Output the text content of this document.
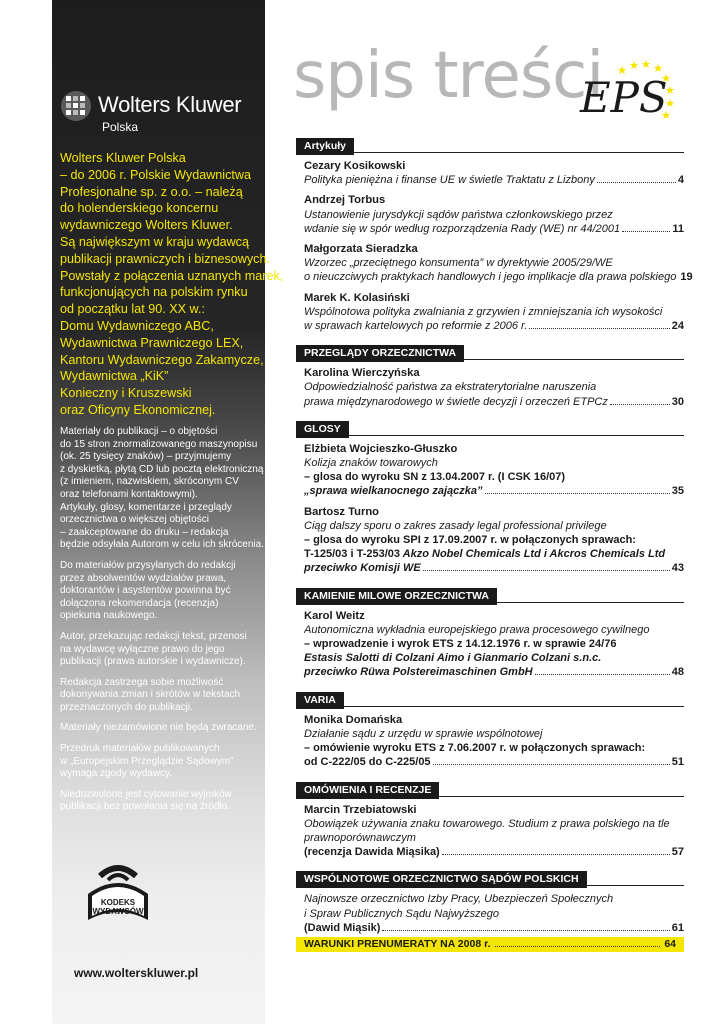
Wolters Kluwer
Polska
Wolters Kluwer Polska
– do 2006 r. Polskie Wydawnictwa
Profesjonalne sp. z o.o. – należą
do holenderskiego koncernu
wydawniczego Wolters Kluwer.
Są największym w kraju wydawcą
publikacji prawniczych i biznesowych.
Powstały z połączenia uznanych marek,
funkcjonujących na polskim rynku
od początku lat 90. XX w.:
Domu Wydawniczego ABC,
Wydawnictwa Prawniczego LEX,
Kantoru Wydawniczego Zakamycze,
Wydawnictwa „KiK”
Konieczny i Kruszewski
oraz Oficyny Ekonomicznej.
Materiały do publikacji – o objętości
do 15 stron znormalizowanego maszynopisu
(ok. 25 tysięcy znaków) – przyjmujemy
z dyskietką, płytą CD lub pocztą elektroniczną
(z imieniem, nazwiskiem, skróconym CV
oraz telefonami kontaktowymi).
Artykuły, glosy, komentarze i przeglądy
orzecznictwa o większej objętości
– zaakceptowane do druku – redakcja
będzie odsyłała Autorom w celu ich skrócenia.
Do materiałów przysyłanych do redakcji
przez absolwentów wydziałów prawa,
doktorantów i asystentów powinna być
dołączona rekomendacja (recenzja)
opiekuna naukowego.
Autor, przekazując redakcji tekst, przenosi
na wydawcę wyłączne prawo do jego
publikacji (prawa autorskie i wydawnicze).
Redakcja zastrzega sobie możliwość
dokonywania zmian i skrótów w tekstach
przeznaczonych do publikacji.
Materiały niezamówione nie będą zwracane.
Przedruk materiałów publikowanych
w „Europejskim Przeglądzie Sądowym”
wymaga zgody wydawcy.
Niedozwolone jest cytowanie wyjmków
publikacji bez powołania się na źródło.
KODEKS
WYDAWCÓW
www.wolterskluwer.pl
spis treści
EPS
Artykuły
Cezary Kosikowski
Polityka pieniężna i finanse UE w świetle Traktatu z Lizbony	4
Andrzej Torbus
Ustanowienie jurysdykcji sądów państwa członkowskiego przez
wdanie się w spór według rozporządzenia Rady (WE) nr 44/2001	11
Małgorzata Sieradzka
Wzorzec „przeciętnego konsumenta” w dyrektywie 2005/29/WE
o nieuczciwych praktykach handlowych i jego implikacje dla prawa polskiego 19
Marek K. Kolasiński
Wspólnotowa polityka zwalniania z grzywien i zmniejszania ich wysokości
w sprawach kartelowych po reformie z 2006 r.	24
PRZEGLĄDY ORZECZNICTWA
Karolina Wierczyńska
Odpowiedzialność państwa za ekstraterytorialne naruszenia
prawa międzynarodowego w świetle decyzji i orzeczeń ETPCz	30
GLOSY
Elżbieta Wojcieszko-Głuszko
Kolizja znaków towarowych
– glosa do wyroku SN z 13.04.2007 r. (I CSK 16/07)
„sprawa wielkanocnego zajączka”	35
Bartosz Turno
Ciąg dalszy sporu o zakres zasady legal professional privilege
– glosa do wyroku SPI z 17.09.2007 r. w połączonych sprawach:
T-125/03 i T-253/03 Akzo Nobel Chemicals Ltd i Akcros Chemicals Ltd
przeciwko Komisji WE	43
KAMIENIE MILOWE ORZECZNICTWA
Karol Weitz
Autonomiczna wykładnia europejskiego prawa procesowego cywilnego
– wprowadzenie i wyrok ETS z 14.12.1976 r. w sprawie 24/76
Estasis Salotti di Colzani Aimo i Gianmario Colzani s.n.c.
przeciwko Rüwa Polstereimaschinen GmbH	48
VARIA
Monika Domańska
Działanie sądu z urzędu w sprawie wspólnotowej
– omówienie wyroku ETS z 7.06.2007 r. w połączonych sprawach:
od C-222/05 do C-225/05	51
OMÓWIENIA I RECENZJE
Marcin Trzebiatowski
Obowiązek używania znaku towarowego. Studium z prawa polskiego na tle
prawnoporównawczym
(recenzja Dawida Miąsika)	57
WSPÓLNOTOWE ORZECZNICTWO SĄDÓW POLSKICH
Najnowsze orzecznictwo Izby Pracy, Ubezpieczeń Społecznych
i Spraw Publicznych Sądu Najwyższego
(Dawid Miąsik)	61
WARUNKI PRENUMERATY NA 2008 r.	64
